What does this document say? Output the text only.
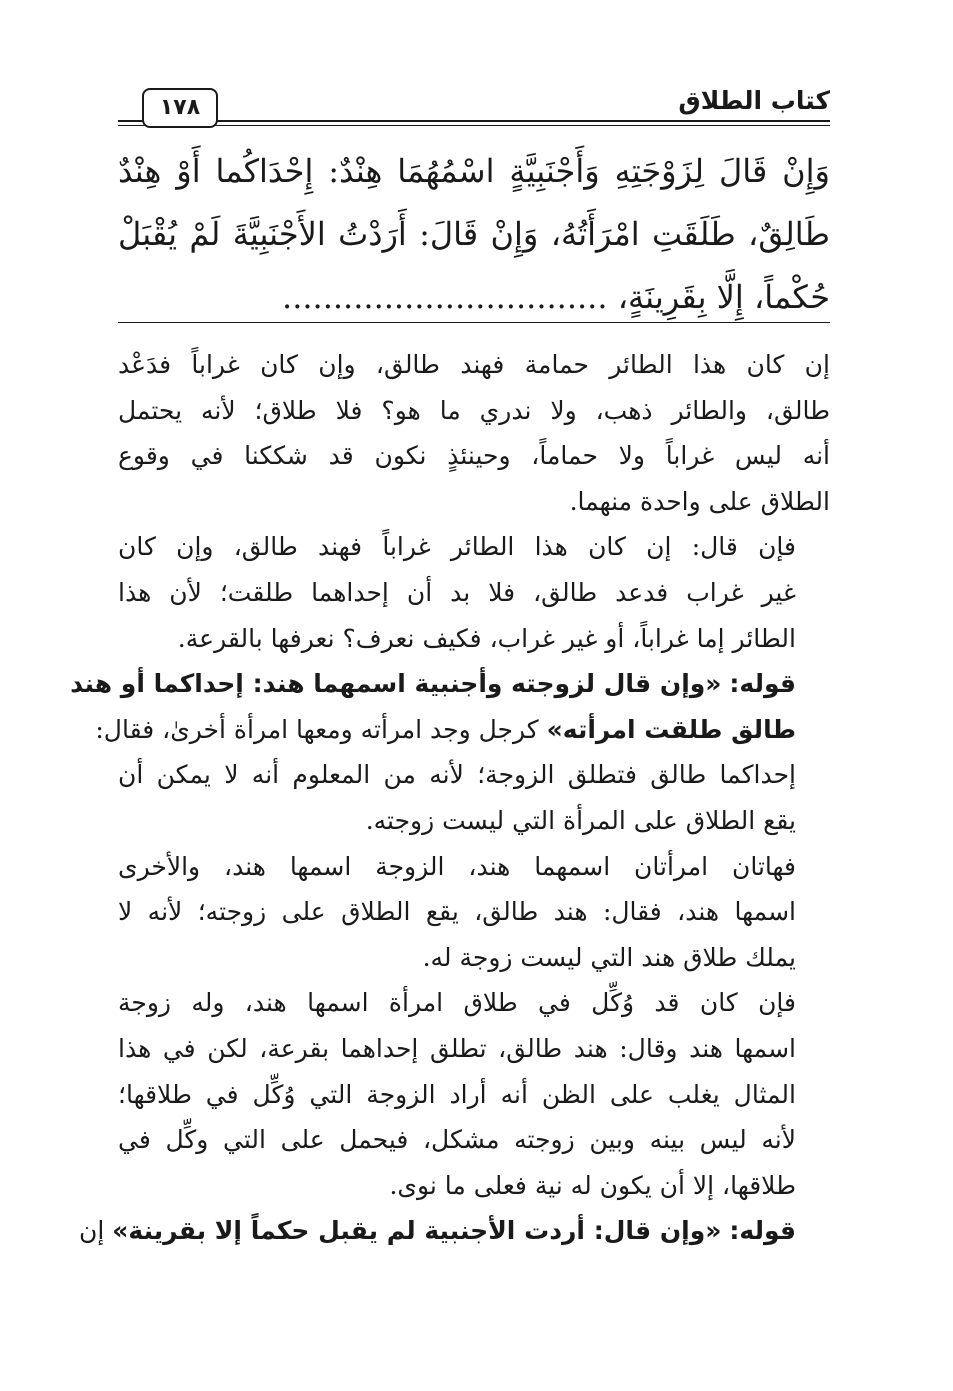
كتاب الطلاق
١٧٨
وَإِنْ قَالَ لِزَوْجَتِهِ وَأَجْنَبِيَّةٍ اسْمُهُمَا هِنْدٌ: إِحْدَاكُما أَوْ هِنْدٌ
طَالِقٌ، طَلَقَتِ امْرَأَتُهُ، وَإِنْ قَالَ: أَرَدْتُ الأَجْنَبِيَّةَ لَمْ يُقْبَلْ
حُكْماً، إِلَّا بِقَرِينَةٍ، ................................
إن كان هذا الطائر حمامة فهند طالق، وإن كان غراباً فدَعْد
طالق، والطائر ذهب، ولا ندري ما هو؟ فلا طلاق؛ لأنه يحتمل
أنه ليس غراباً ولا حماماً، وحينئذٍ نكون قد شككنا في وقوع
الطلاق على واحدة منهما.
فإن قال: إن كان هذا الطائر غراباً فهند طالق، وإن كان
غير غراب فدعد طالق، فلا بد أن إحداهما طلقت؛ لأن هذا
الطائر إما غراباً، أو غير غراب، فكيف نعرف؟ نعرفها بالقرعة.
قوله: «وإن قال لزوجته وأجنبية اسمهما هند: إحداكما أو هند
طالق طلقت امرأته» كرجل وجد امرأته ومعها امرأة أخرىٰ، فقال:
إحداكما طالق فتطلق الزوجة؛ لأنه من المعلوم أنه لا يمكن أن
يقع الطلاق على المرأة التي ليست زوجته.
فهاتان امرأتان اسمهما هند، الزوجة اسمها هند، والأخرى
اسمها هند، فقال: هند طالق، يقع الطلاق على زوجته؛ لأنه لا
يملك طلاق هند التي ليست زوجة له.
فإن كان قد وُكِّل في طلاق امرأة اسمها هند، وله زوجة
اسمها هند وقال: هند طالق، تطلق إحداهما بقرعة، لكن في هذا
المثال يغلب على الظن أنه أراد الزوجة التي وُكِّل في طلاقها؛
لأنه ليس بينه وبين زوجته مشكل، فيحمل على التي وكِّل في
طلاقها، إلا أن يكون له نية فعلى ما نوى.
قوله: «وإن قال: أردت الأجنبية لم يقبل حكماً إلا بقرينة» إن
